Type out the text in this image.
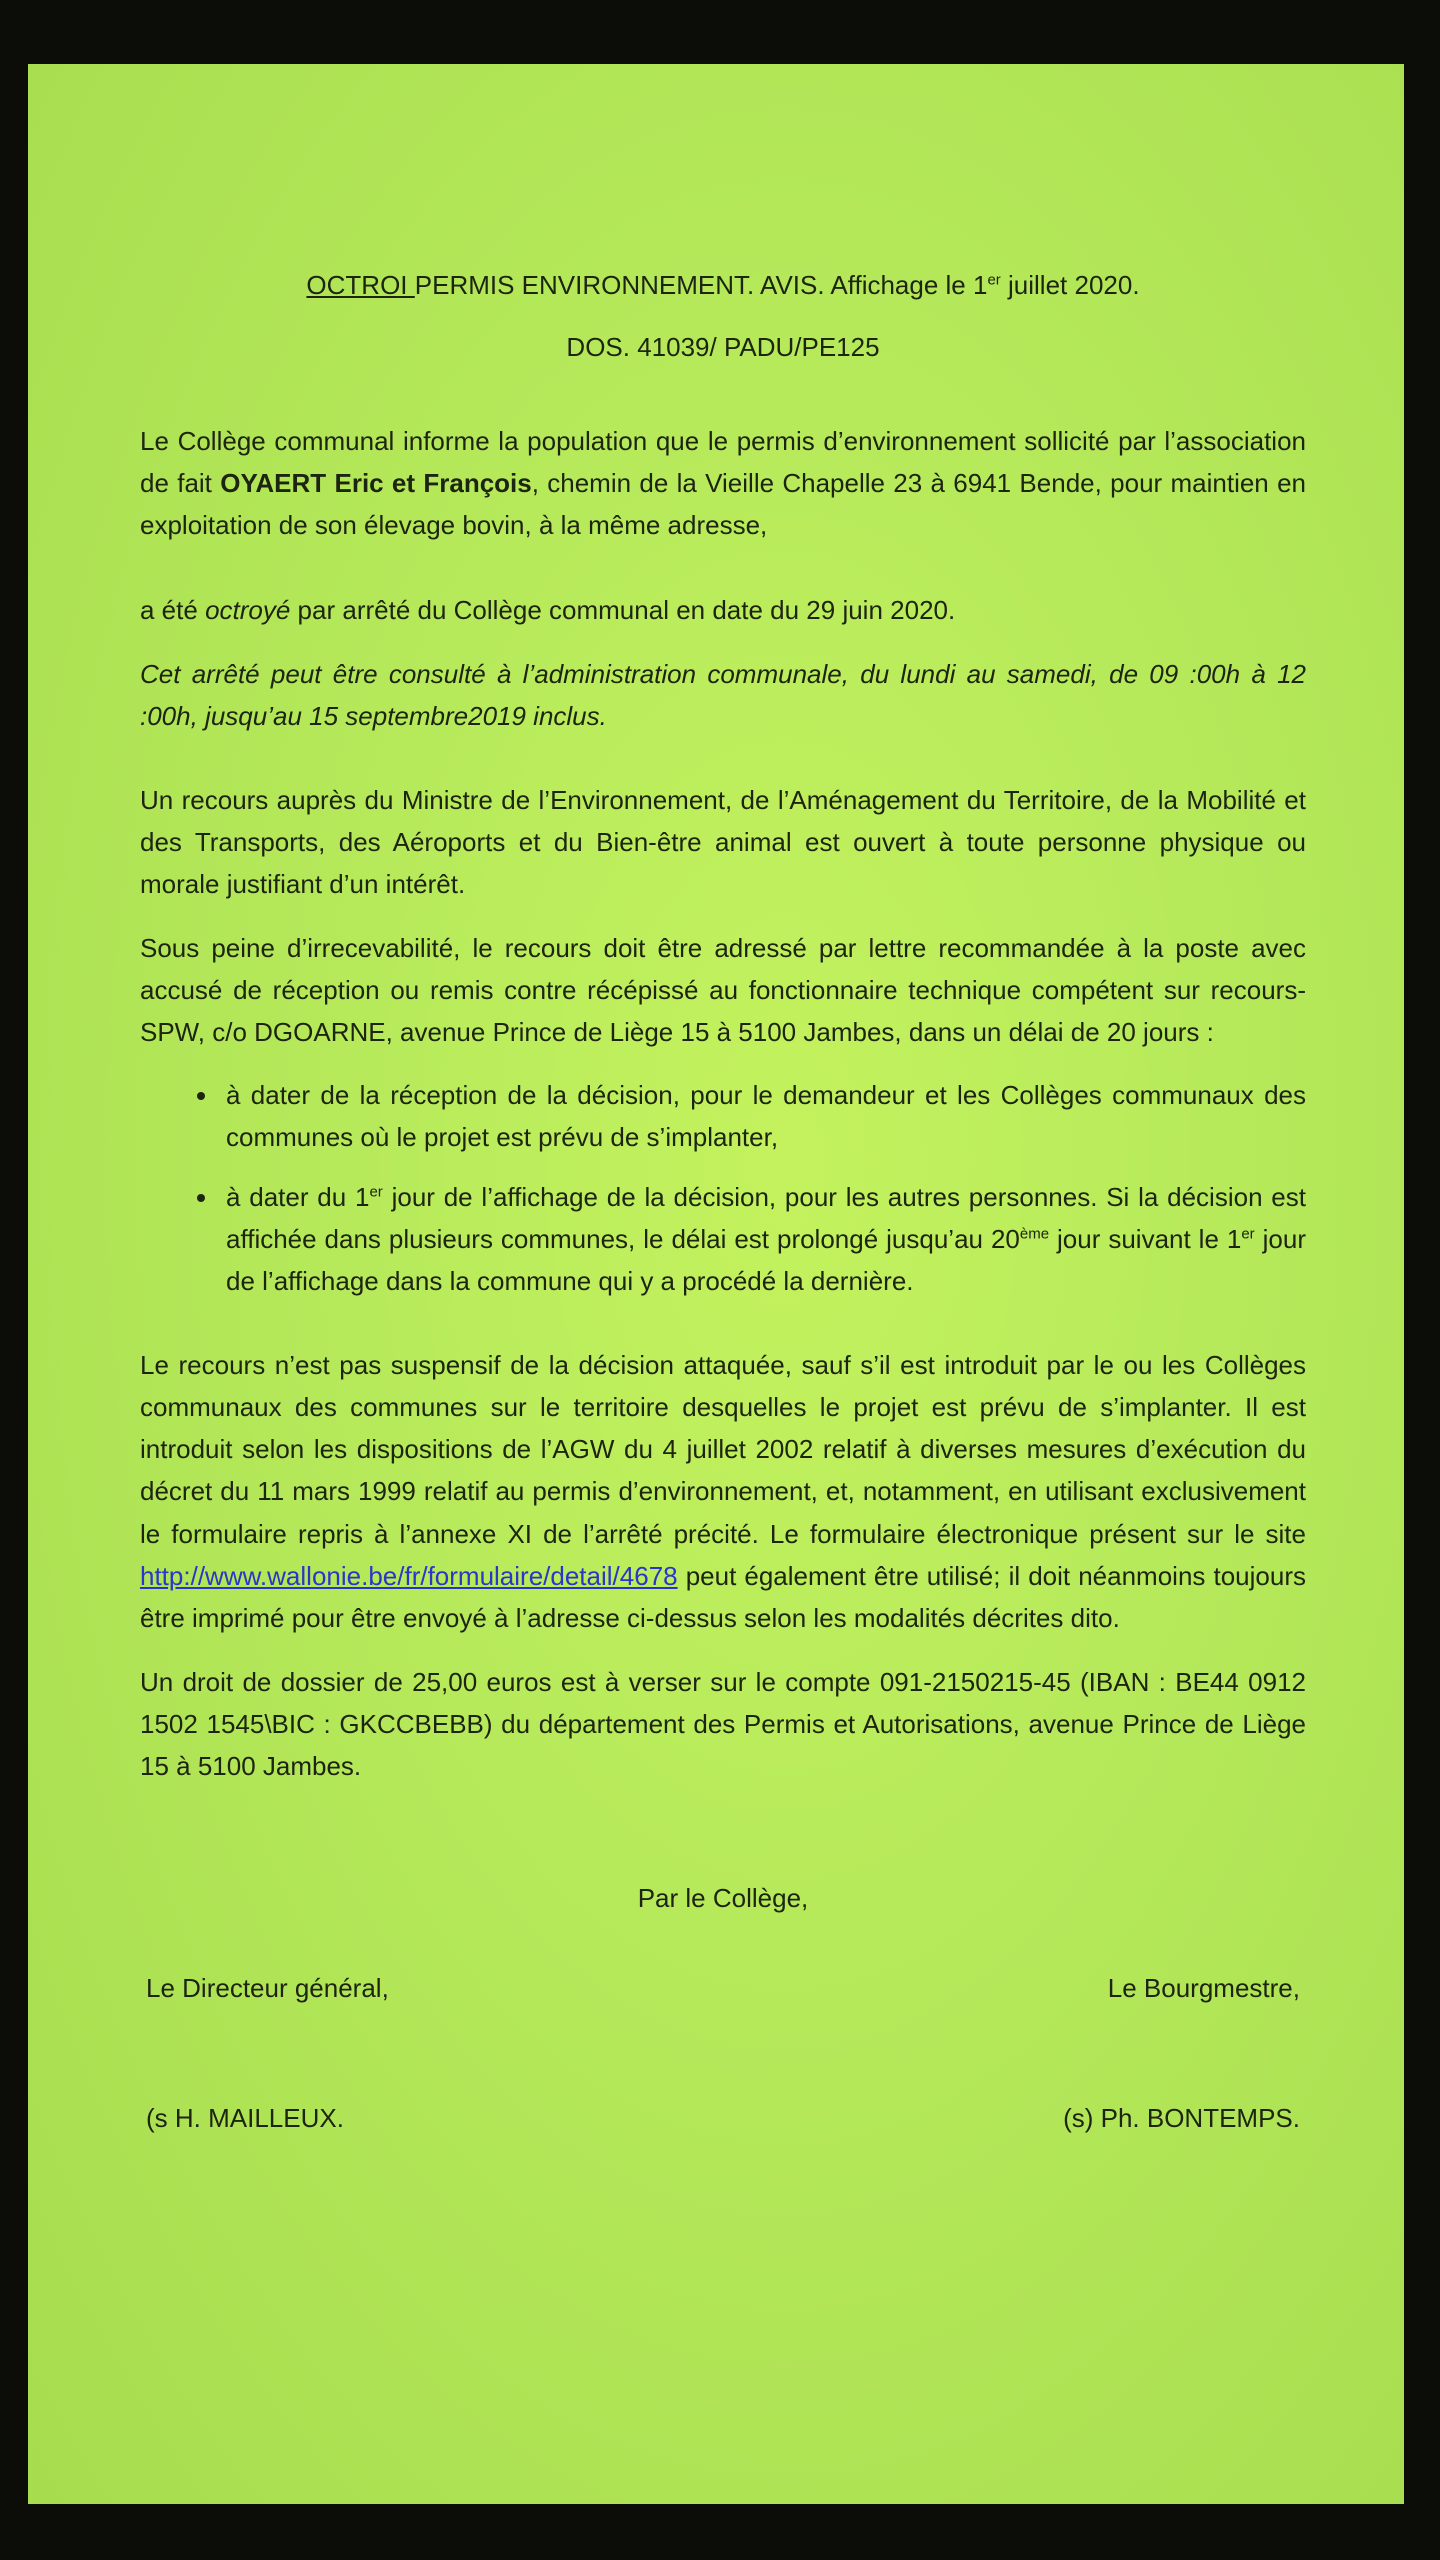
OCTROI PERMIS ENVIRONNEMENT. AVIS. Affichage le 1er juillet 2020.
DOS. 41039/ PADU/PE125

Le Collège communal informe la population que le permis d’environnement sollicité par l’association de fait OYAERT Eric et François, chemin de la Vieille Chapelle 23 à 6941 Bende, pour maintien en exploitation de son élevage bovin, à la même adresse,

a été octroyé par arrêté du Collège communal en date du 29 juin 2020.

Cet arrêté peut être consulté à l’administration communale, du lundi au samedi, de 09 :00h à 12 :00h, jusqu’au 15 septembre2019 inclus.

Un recours auprès du Ministre de l’Environnement, de l’Aménagement du Territoire, de la Mobilité et des Transports, des Aéroports et du Bien-être animal est ouvert à toute personne physique ou morale justifiant d’un intérêt.

Sous peine d’irrecevabilité, le recours doit être adressé par lettre recommandée à la poste avec accusé de réception ou remis contre récépissé au fonctionnaire technique compétent sur recours-SPW, c/o DGOARNE, avenue Prince de Liège 15 à 5100 Jambes, dans un délai de 20 jours :

• à dater de la réception de la décision, pour le demandeur et les Collèges communaux des communes où le projet est prévu de s’implanter,
• à dater du 1er jour de l’affichage de la décision, pour les autres personnes. Si la décision est affichée dans plusieurs communes, le délai est prolongé jusqu’au 20ème jour suivant le 1er jour de l’affichage dans la commune qui y a procédé la dernière.

Le recours n’est pas suspensif de la décision attaquée, sauf s’il est introduit par le ou les Collèges communaux des communes sur le territoire desquelles le projet est prévu de s’implanter. Il est introduit selon les dispositions de l’AGW du 4 juillet 2002 relatif à diverses mesures d’exécution du décret du 11 mars 1999 relatif au permis d’environnement, et, notamment, en utilisant exclusivement le formulaire repris à l’annexe XI de l’arrêté précité. Le formulaire électronique présent sur le site http://www.wallonie.be/fr/formulaire/detail/4678 peut également être utilisé; il doit néanmoins toujours être imprimé pour être envoyé à l’adresse ci-dessus selon les modalités décrites dito.

Un droit de dossier de 25,00 euros est à verser sur le compte 091-2150215-45 (IBAN : BE44 0912 1502 1545\BIC : GKCCBEBB) du département des Permis et Autorisations, avenue Prince de Liège 15 à 5100 Jambes.

Par le Collège,
Le Directeur général,	Le Bourgmestre,
(s H. MAILLEUX.	(s) Ph. BONTEMPS.
